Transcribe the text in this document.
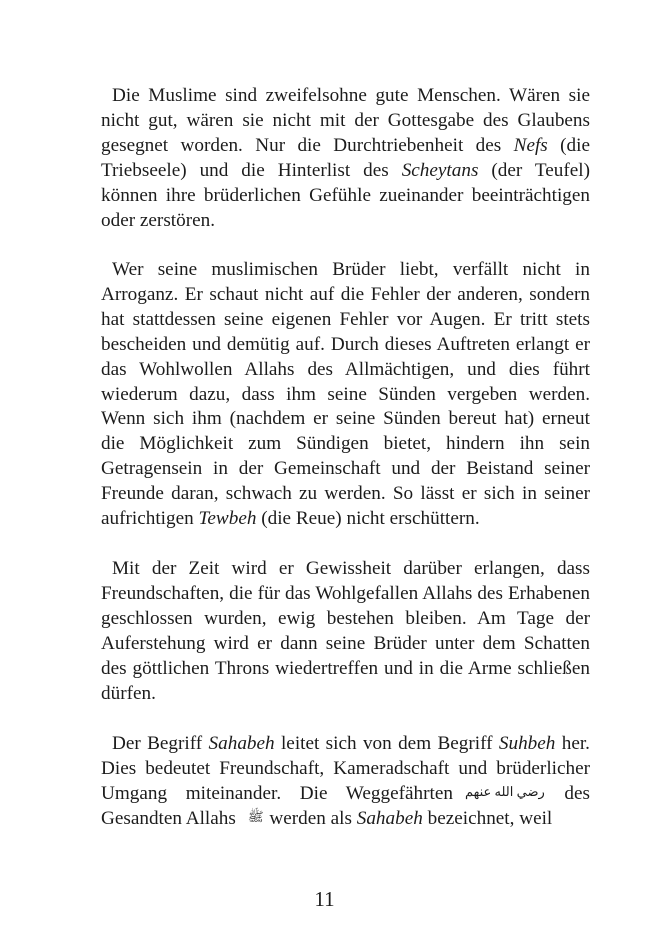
Die Muslime sind zweifelsohne gute Menschen. Wären sie nicht gut, wären sie nicht mit der Gottesgabe des Glaubens gesegnet worden. Nur die Durchtriebenheit des Nefs (die Triebseele) und die Hinterlist des Scheytans (der Teufel) können ihre brüderlichen Gefühle zueinander beeinträchtigen oder zerstören.

Wer seine muslimischen Brüder liebt, verfällt nicht in Arroganz. Er schaut nicht auf die Fehler der anderen, sondern hat stattdessen seine eigenen Fehler vor Augen. Er tritt stets bescheiden und demütig auf. Durch dieses Auftreten erlangt er das Wohlwollen Allahs des Allmächtigen, und dies führt wiederum dazu, dass ihm seine Sünden vergeben werden. Wenn sich ihm (nachdem er seine Sünden bereut hat) erneut die Möglichkeit zum Sündigen bietet, hindern ihn sein Getragensein in der Gemeinschaft und der Beistand seiner Freunde daran, schwach zu werden. So lässt er sich in seiner aufrichtigen Tewbeh (die Reue) nicht erschüttern.

Mit der Zeit wird er Gewissheit darüber erlangen, dass Freundschaften, die für das Wohlgefallen Allahs des Erhabenen geschlossen wurden, ewig bestehen bleiben. Am Tage der Auferstehung wird er dann seine Brüder unter dem Schatten des göttlichen Throns wiedertreffen und in die Arme schließen dürfen.

Der Begriff Sahabeh leitet sich von dem Begriff Suhbeh her. Dies bedeutet Freundschaft, Kameradschaft und brüderlicher Umgang miteinander. Die Weggefährten رضي الله عنهم des Gesandten Allahs ﷺ werden als Sahabeh bezeichnet, weil

11
